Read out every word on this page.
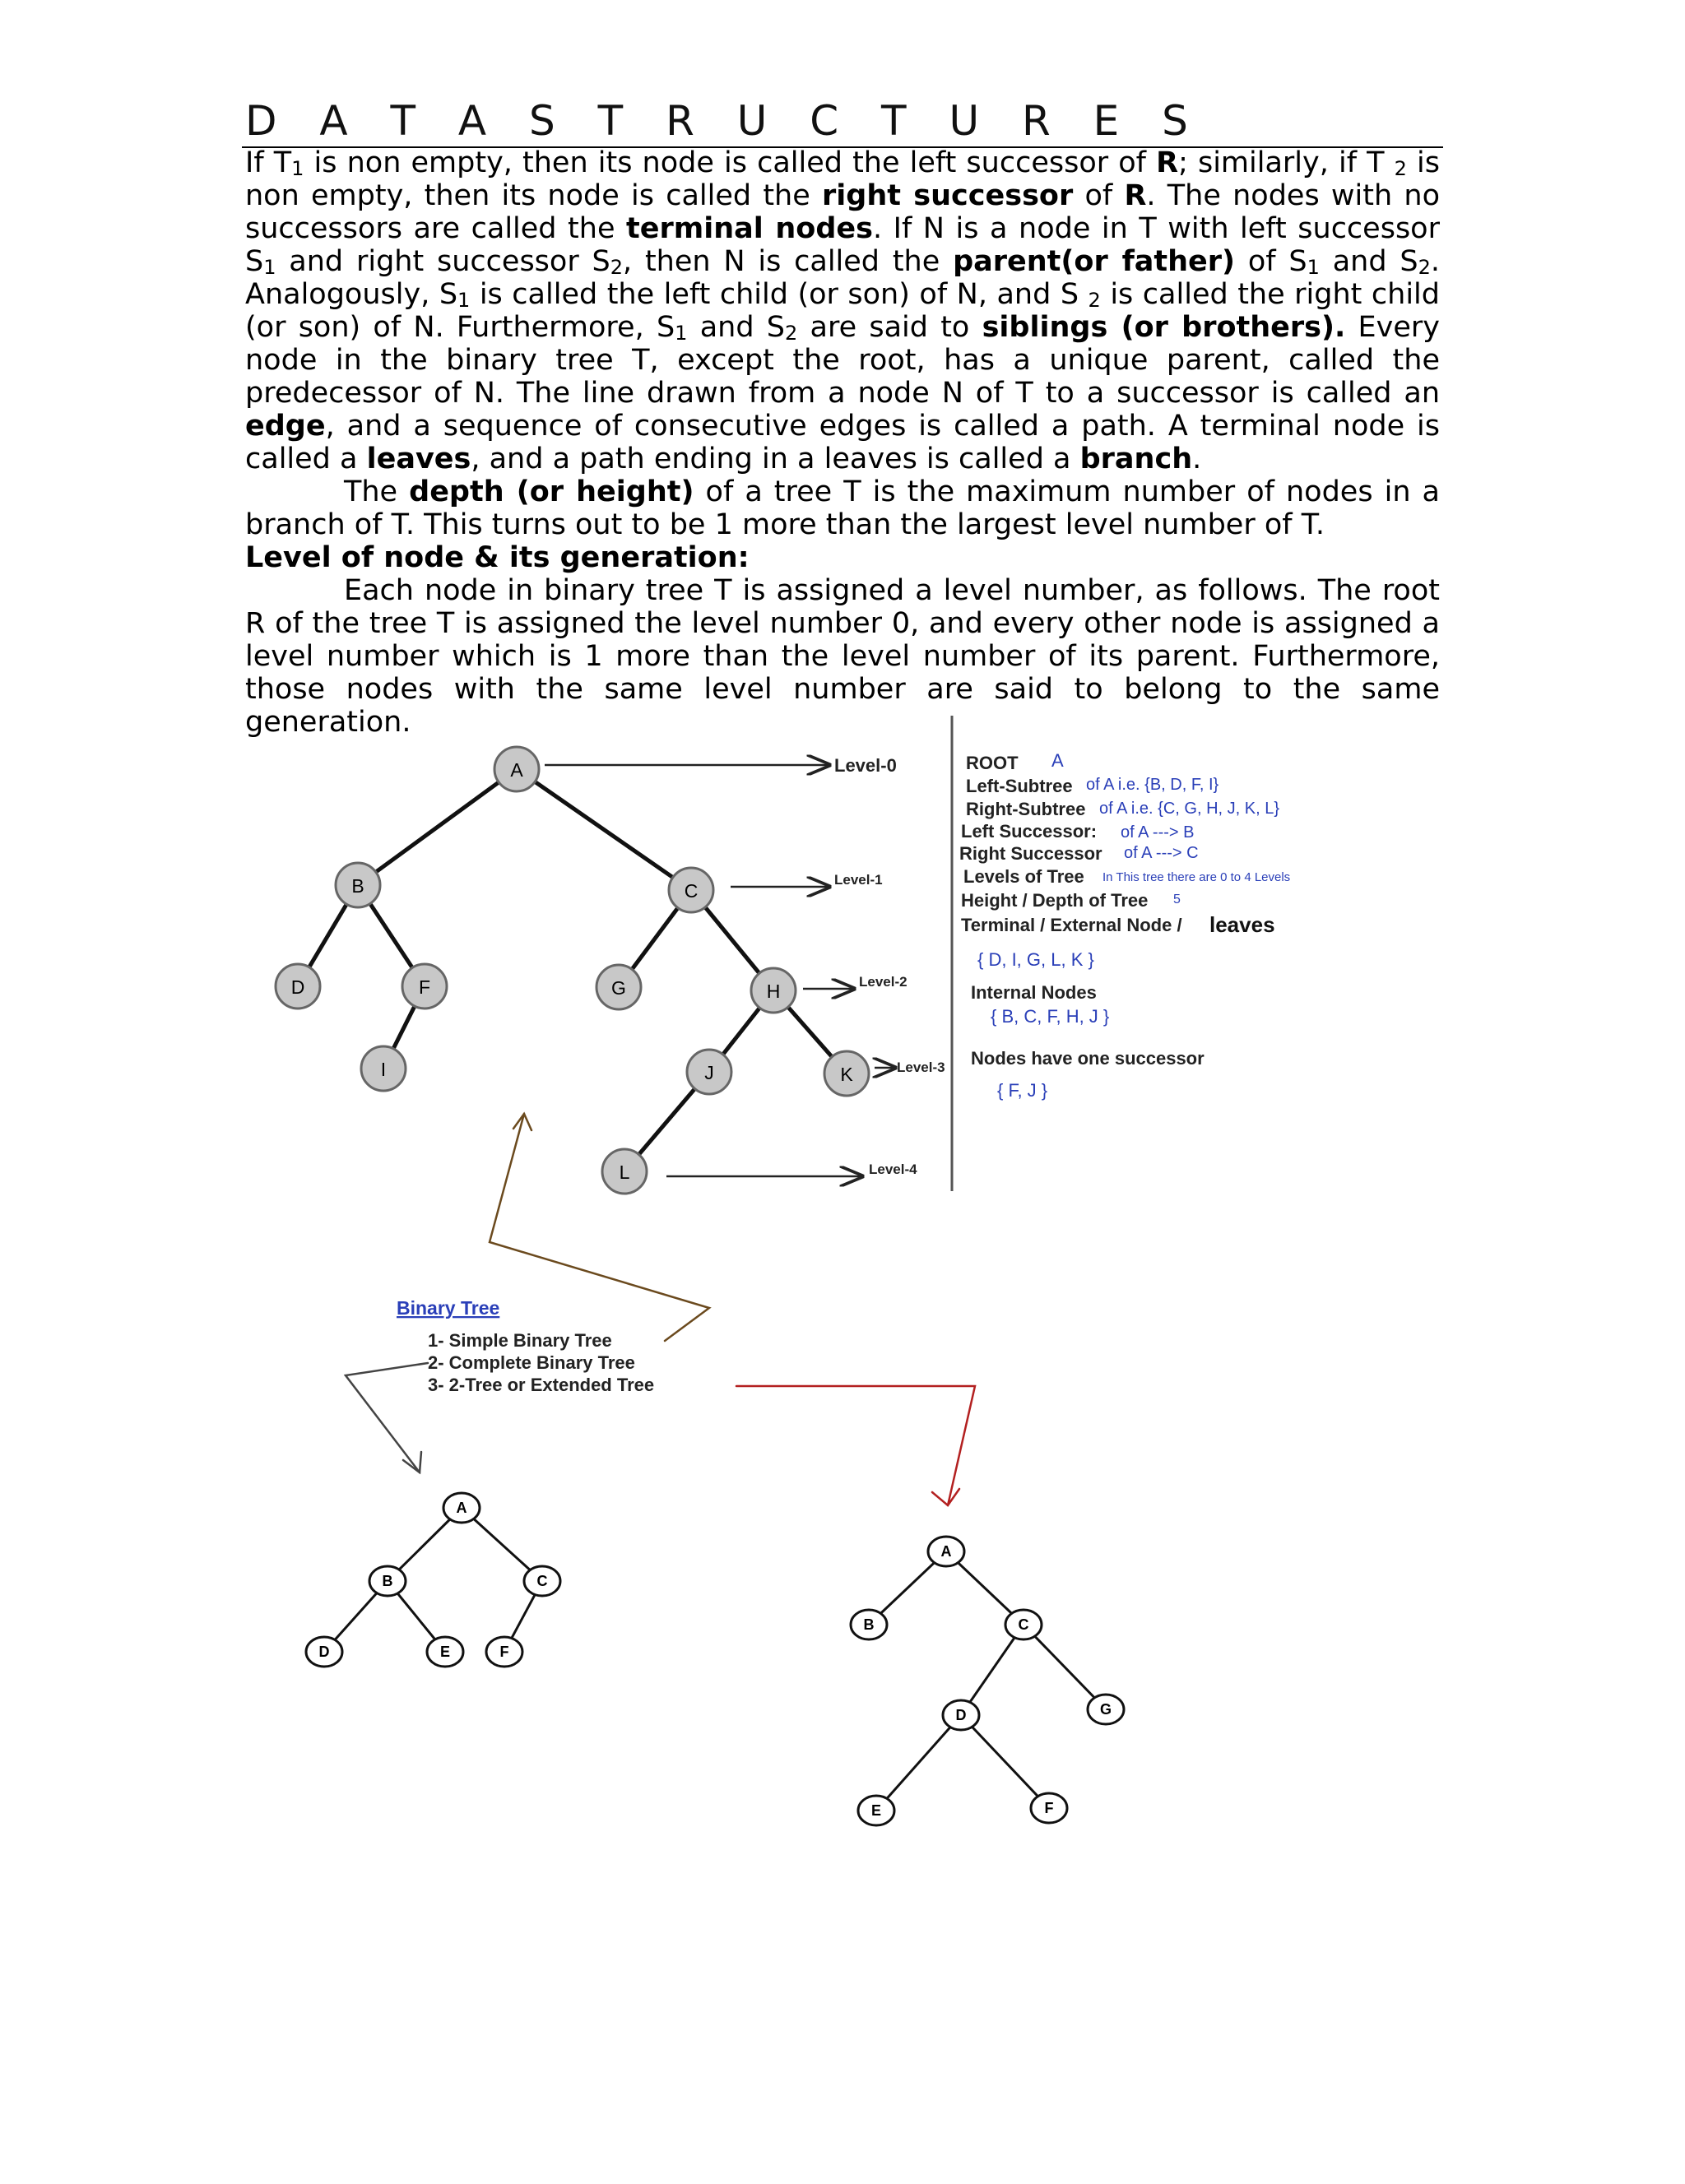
D A T A S T R U C T U R E S

If $T_1$ is non empty, then its node is called the left successor of R; similarly, if T $_2$ is non empty, then its node is called the right successor of R. The nodes with no successors are called the terminal nodes. If N is a node in T with left successor $S_1$ and right successor $S_2$, then N is called the parent(or father) of $S_1$ and $S_2$. Analogously, $S_1$ is called the left child (or son) of N, and S $_2$ is called the right child (or son) of N. Furthermore, $S_1$ and $S_2$ are said to siblings (or brothers). Every node in the binary tree T, except the root, has a unique parent, called the predecessor of N. The line drawn from a node N of T to a successor is called an edge, and a sequence of consecutive edges is called a path. A terminal node is called a leaves, and a path ending in a leaves is called a branch.

The depth (or height) of a tree T is the maximum number of nodes in a branch of T. This turns out to be 1 more than the largest level number of T.

Level of node & its generation:

Each node in binary tree T is assigned a level number, as follows. The root R of the tree T is assigned the level number 0, and every other node is assigned a level number which is 1 more than the level number of its parent. Furthermore, those nodes with the same level number are said to belong to the same generation.

A
B	C
D	F	G	H
I	J	K
L
Level-0
Level-1
Level-2
Level-3
Level-4
ROOT A
Left-Subtree of A i.e. {B, D, F, I}
Right-Subtree of A i.e. {C, G, H, J, K, L}
Left Successor: of A ---> B
Right Successor of A ---> C
Levels of Tree In This tree there are 0 to 4 Levels
Height / Depth of Tree 5
Terminal / External Node / leaves
{ D, I, G, L, K }
Internal Nodes
{ B, C, F, H, J }
Nodes have one successor
{ F, J }
Binary Tree
1- Simple Binary Tree
2- Complete Binary Tree
3- 2-Tree or Extended Tree
A
B	C
D	E	F
A
B	C
D	G
E	F
